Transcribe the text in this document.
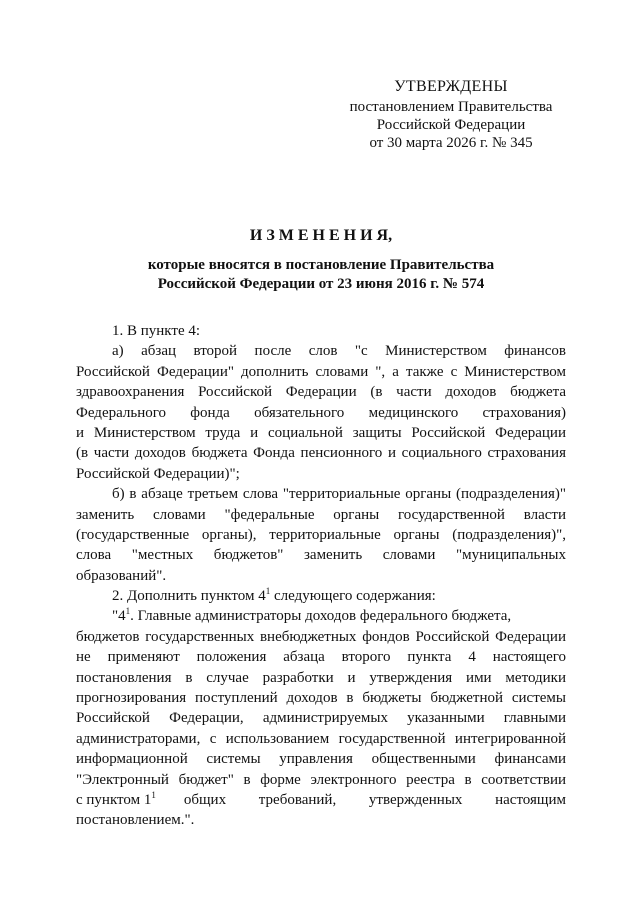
УТВЕРЖДЕНЫ
постановлением Правительства
Российской Федерации
от 30 марта 2026 г. № 345
И З М Е Н Е Н И Я,
которые вносятся в постановление Правительства
Российской Федерации от 23 июня 2016 г. № 574
1. В пункте 4:
а) абзац второй после слов "с Министерством финансов
Российской Федерации" дополнить словами ", а также с Министерством
здравоохранения Российской Федерации (в части доходов бюджета
Федерального фонда обязательного медицинского страхования)
и Министерством труда и социальной защиты Российской Федерации
(в части доходов бюджета Фонда пенсионного и социального страхования
Российской Федерации)";
б) в абзаце третьем слова "территориальные органы (подразделения)"
заменить словами "федеральные органы государственной власти
(государственные органы), территориальные органы (подразделения)",
слова "местных бюджетов" заменить словами "муниципальных
образований".
2. Дополнить пунктом $4^1$ следующего содержания:
"$4^1$. Главные администраторы доходов федерального бюджета,
бюджетов государственных внебюджетных фондов Российской Федерации
не применяют положения абзаца второго пункта 4 настоящего
постановления в случае разработки и утверждения ими методики
прогнозирования поступлений доходов в бюджеты бюджетной системы
Российской Федерации, администрируемых указанными главными
администраторами, с использованием государственной интегрированной
информационной системы управления общественными финансами
"Электронный бюджет" в форме электронного реестра в соответствии
с пунктом $1^1$	общих требований, утвержденных настоящим
постановлением.".
